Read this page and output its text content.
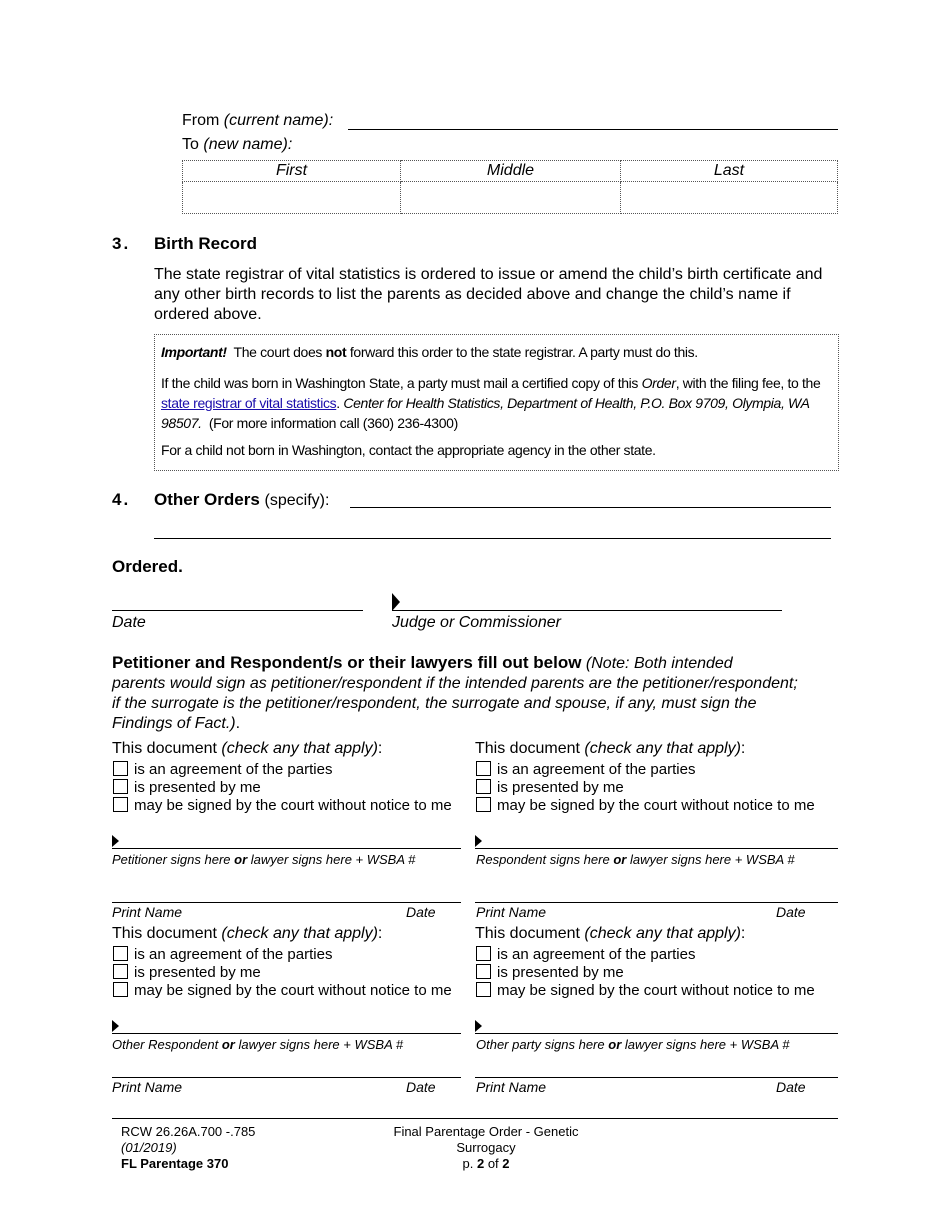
From (current name):
To (new name):
First	Middle	Last

3. Birth Record
The state registrar of vital statistics is ordered to issue or amend the child’s birth certificate and any other birth records to list the parents as decided above and change the child’s name if ordered above.
Important! The court does not forward this order to the state registrar. A party must do this.
If the child was born in Washington State, a party must mail a certified copy of this Order, with the filing fee, to the state registrar of vital statistics. Center for Health Statistics, Department of Health, P.O. Box 9709, Olympia, WA 98507. (For more information call (360) 236-4300)
For a child not born in Washington, contact the appropriate agency in the other state.
4. Other Orders (specify):
Ordered.
Date	Judge or Commissioner
Petitioner and Respondent/s or their lawyers fill out below (Note: Both intended
parents would sign as petitioner/respondent if the intended parents are the petitioner/respondent;
if the surrogate is the petitioner/respondent, the surrogate and spouse, if any, must sign the
Findings of Fact.).
This document (check any that apply):
is an agreement of the parties
is presented by me
may be signed by the court without notice to me
Petitioner signs here or lawyer signs here + WSBA #
Print Name	Date
This document (check any that apply):
is an agreement of the parties
is presented by me
may be signed by the court without notice to me
Respondent signs here or lawyer signs here + WSBA #
Print Name	Date
This document (check any that apply):
is an agreement of the parties
is presented by me
may be signed by the court without notice to me
Other Respondent or lawyer signs here + WSBA #
Print Name	Date
This document (check any that apply):
is an agreement of the parties
is presented by me
may be signed by the court without notice to me
Other party signs here or lawyer signs here + WSBA #
Print Name	Date
RCW 26.26A.700 -.785
(01/2019)
FL Parentage 370
Final Parentage Order - Genetic
Surrogacy
p. 2 of 2
